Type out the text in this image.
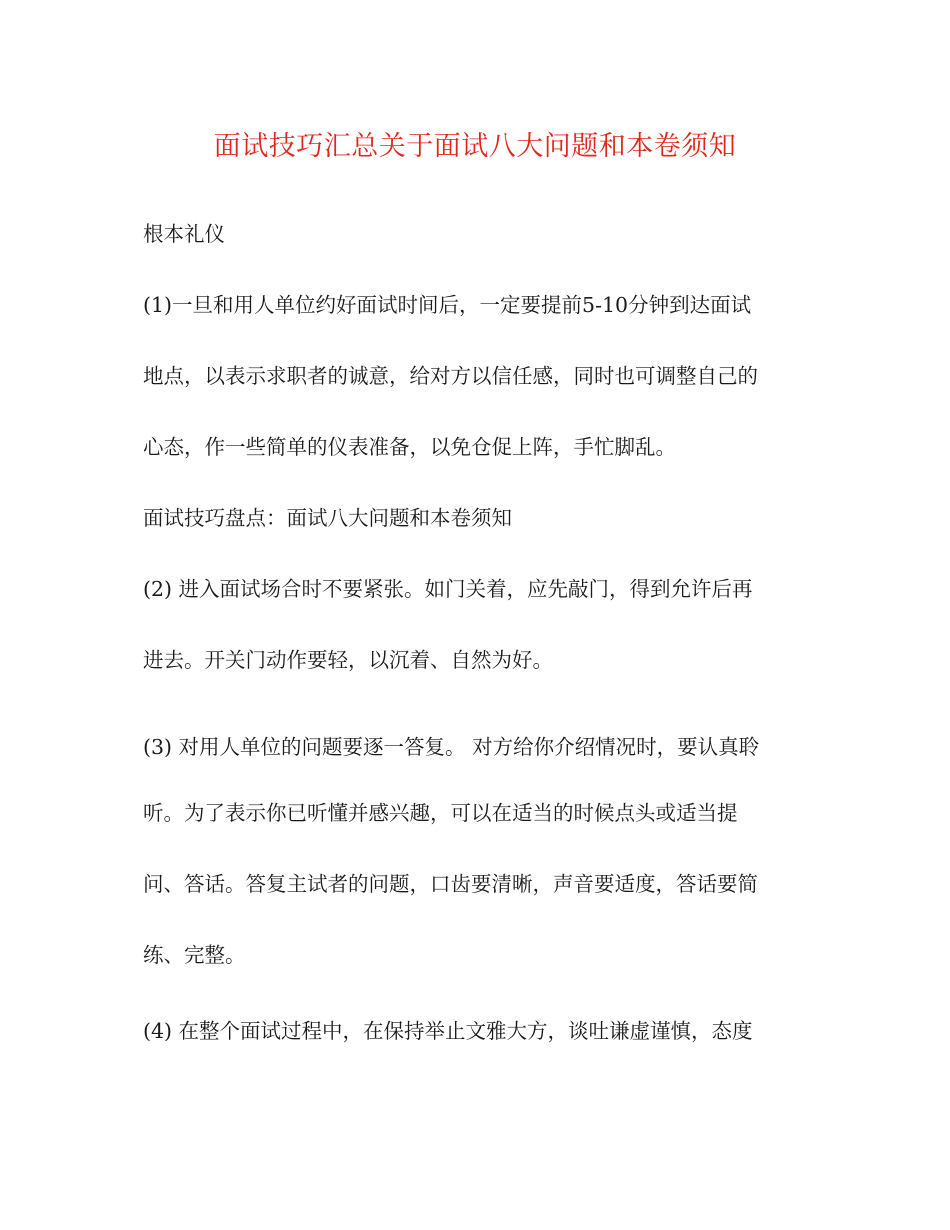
面试技巧汇总关于面试八大问题和本卷须知

根本礼仪

(1)一旦和用人单位约好面试时间后，一定要提前5-10分钟到达面试

地点，以表示求职者的诚意，给对方以信任感，同时也可调整自己的

心态，作一些简单的仪表准备，以免仓促上阵，手忙脚乱。

面试技巧盘点：面试八大问题和本卷须知

(2) 进入面试场合时不要紧张。如门关着，应先敲门，得到允许后再

进去。开关门动作要轻，以沉着、自然为好。

(3) 对用人单位的问题要逐一答复。 对方给你介绍情况时，要认真聆

听。为了表示你已听懂并感兴趣，可以在适当的时候点头或适当提

问、答话。答复主试者的问题，口齿要清晰，声音要适度，答话要简

练、完整。

(4) 在整个面试过程中，在保持举止文雅大方，谈吐谦虚谨慎，态度
